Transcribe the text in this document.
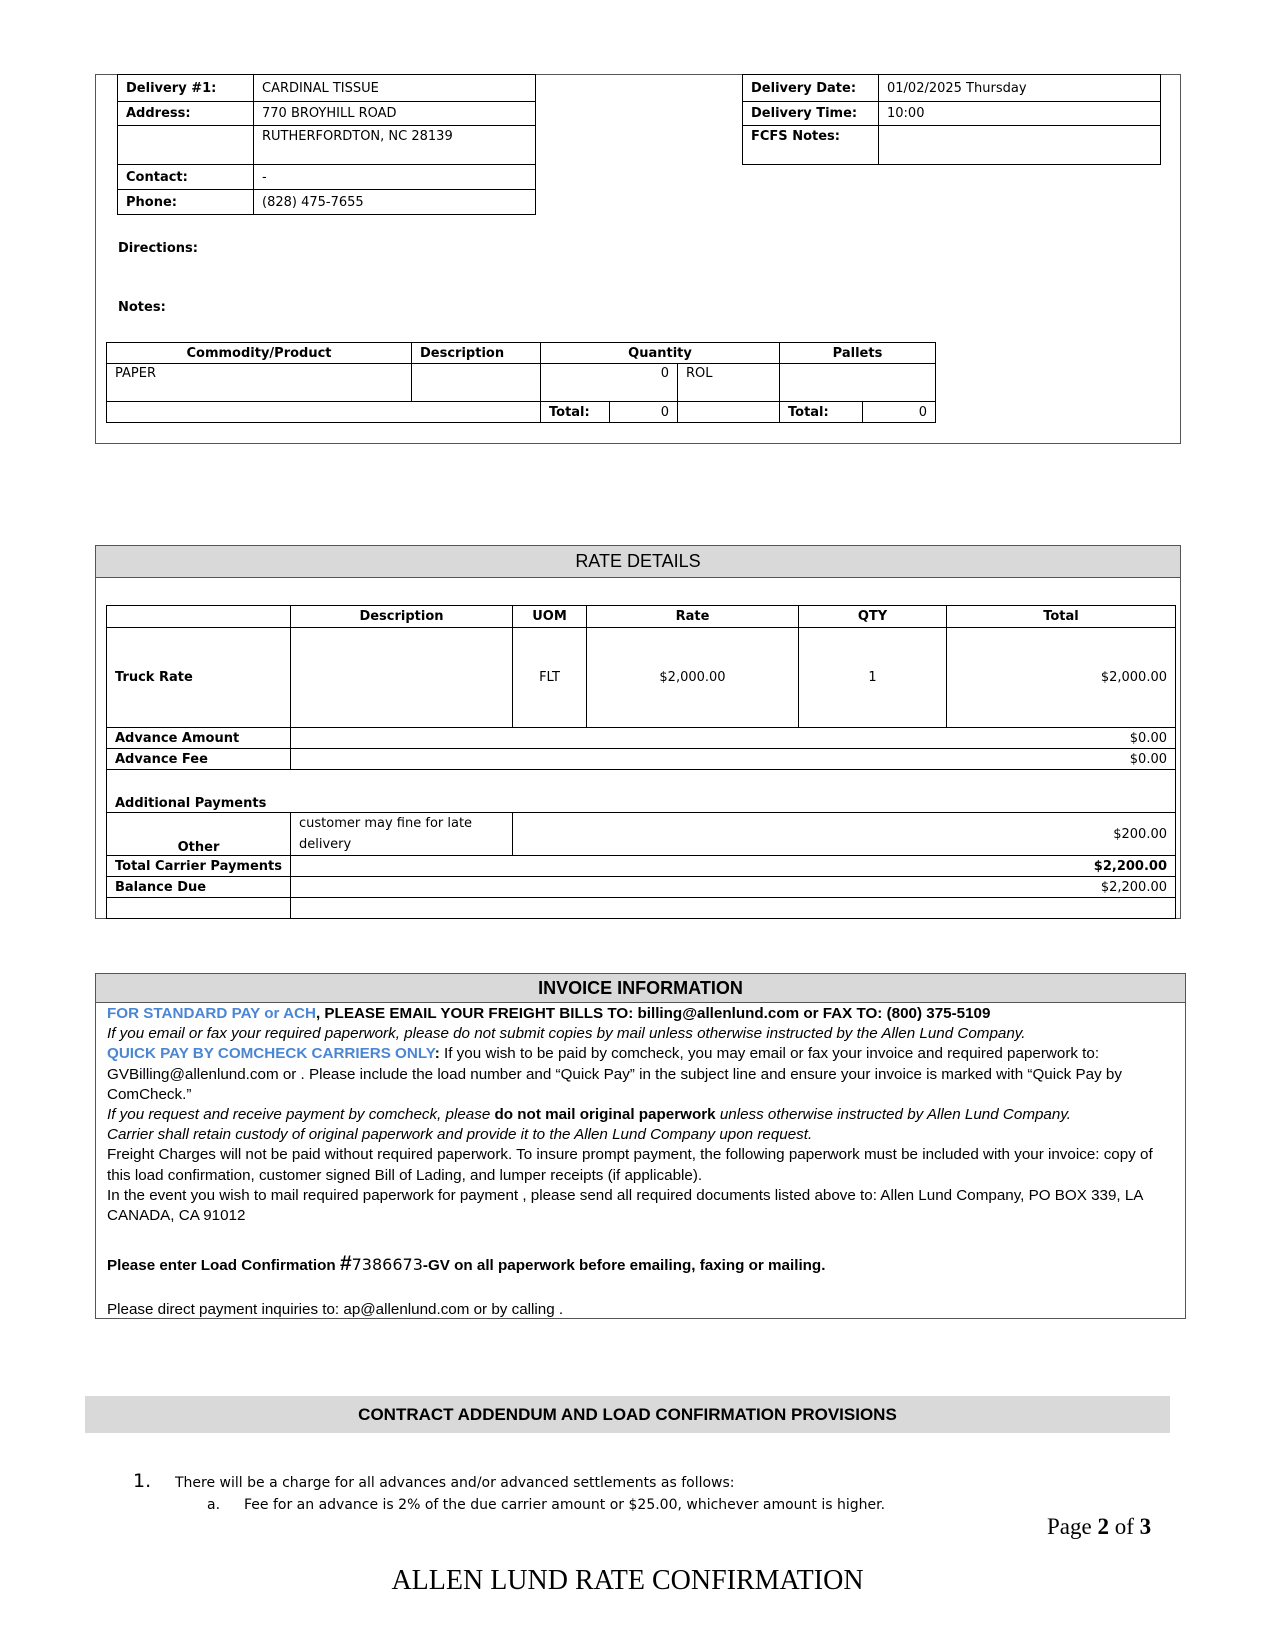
Delivery #1:	CARDINAL TISSUE
Address:	770 BROYHILL ROAD
	RUTHERFORDTON, NC 28139
Contact:	-
Phone:	(828) 475-7655
Delivery Date:	01/02/2025 Thursday
Delivery Time:	10:00
FCFS Notes:	
Directions:
Notes:
Commodity/Product	Description	Quantity			Pallets	
PAPER		0		ROL		
		Total:	0		Total:	0
RATE DETAILS
	Description	UOM	Rate	QTY	Total
Truck Rate		FLT	$2,000.00	1	$2,000.00
Advance Amount	$0.00				
Advance Fee	$0.00				
Additional Payments					
Other	customer may fine for late delivery	$200.00			
Total Carrier Payments	$2,200.00				
Balance Due	$2,200.00				

INVOICE INFORMATION

FOR STANDARD PAY or ACH, PLEASE EMAIL YOUR FREIGHT BILLS TO: billing@allenlund.com or FAX TO: (800) 375-5109

If you email or fax your required paperwork, please do not submit copies by mail unless otherwise instructed by the Allen Lund Company.

QUICK PAY BY COMCHECK CARRIERS ONLY: If you wish to be paid by comcheck, you may email or fax your invoice and required paperwork to: GVBilling@allenlund.com or . Please include the load number and “Quick Pay” in the subject line and ensure your invoice is marked with “Quick Pay by ComCheck.”

If you request and receive payment by comcheck, please do not mail original paperwork unless otherwise instructed by Allen Lund Company.

Carrier shall retain custody of original paperwork and provide it to the Allen Lund Company upon request.

Freight Charges will not be paid without required paperwork. To insure prompt payment, the following paperwork must be included with your invoice: copy of this load confirmation, customer signed Bill of Lading, and lumper receipts (if applicable).

In the event you wish to mail required paperwork for payment , please send all required documents listed above to: Allen Lund Company, PO BOX 339, LA CANADA, CA 91012

Please enter Load Confirmation #7386673-GV on all paperwork before emailing, faxing or mailing.

Please direct payment inquiries to: ap@allenlund.com or by calling .

CONTRACT ADDENDUM AND LOAD CONFIRMATION PROVISIONS
1. There will be a charge for all advances and/or advanced settlements as follows:
a. Fee for an advance is 2% of the due carrier amount or $25.00, whichever amount is higher.
Page 2 of 3
ALLEN LUND RATE CONFIRMATION
